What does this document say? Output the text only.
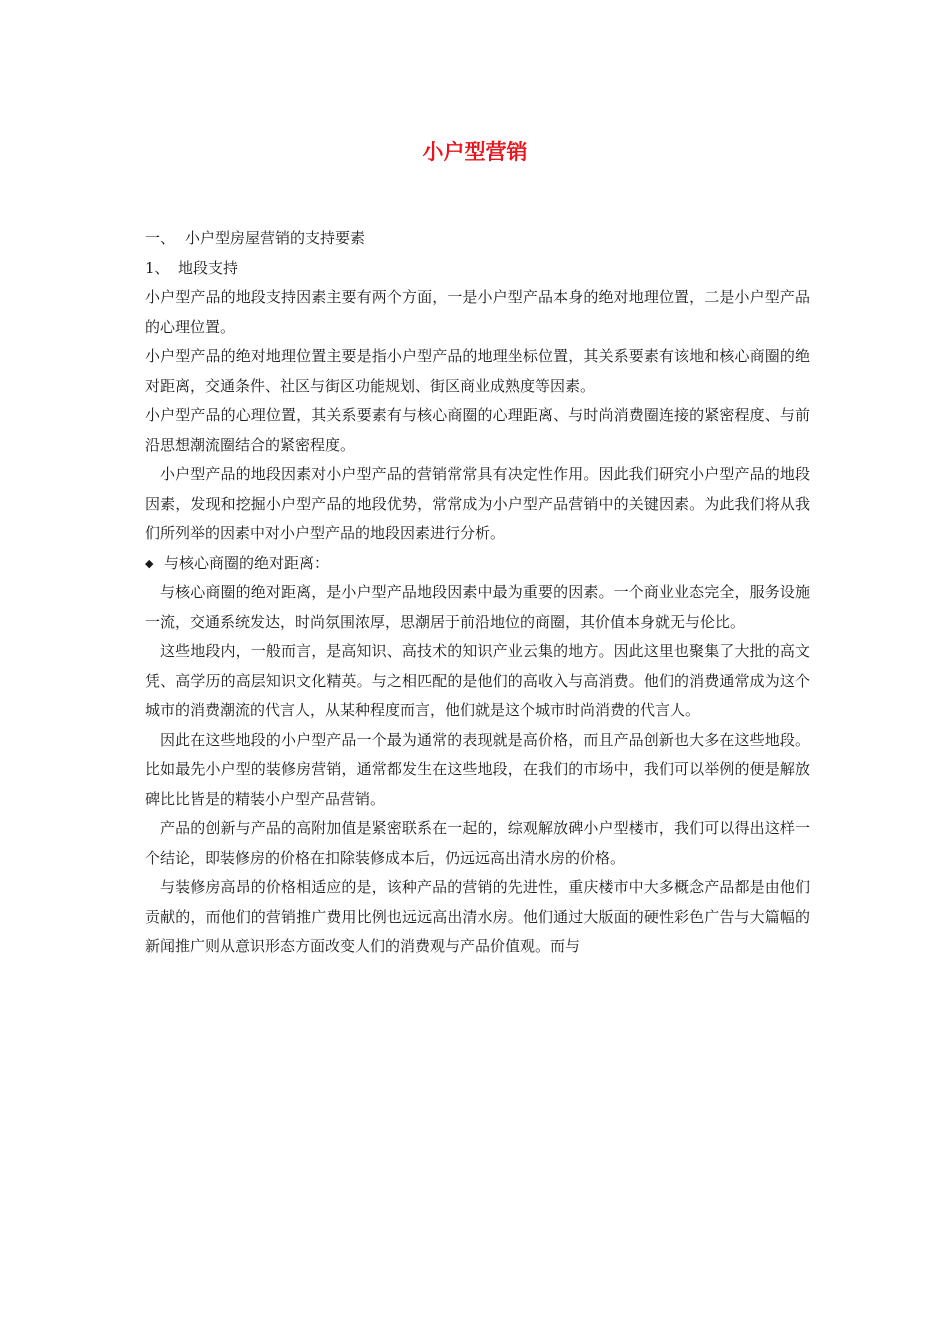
小户型营销

一、 小户型房屋营销的支持要素

1、 地段支持

小户型产品的地段支持因素主要有两个方面，一是小户型产品本身的绝对地理位置，二是小户型产品的心理位置。

小户型产品的绝对地理位置主要是指小户型产品的地理坐标位置，其关系要素有该地和核心商圈的绝对距离，交通条件、社区与街区功能规划、街区商业成熟度等因素。

小户型产品的心理位置，其关系要素有与核心商圈的心理距离、与时尚消费圈连接的紧密程度、与前沿思想潮流圈结合的紧密程度。

小户型产品的地段因素对小户型产品的营销常常具有决定性作用。因此我们研究小户型产品的地段因素，发现和挖掘小户型产品的地段优势，常常成为小户型产品营销中的关键因素。为此我们将从我们所列举的因素中对小户型产品的地段因素进行分析。

◆ 与核心商圈的绝对距离：

与核心商圈的绝对距离，是小户型产品地段因素中最为重要的因素。一个商业业态完全，服务设施一流，交通系统发达，时尚氛围浓厚，思潮居于前沿地位的商圈，其价值本身就无与伦比。

这些地段内，一般而言，是高知识、高技术的知识产业云集的地方。因此这里也聚集了大批的高文凭、高学历的高层知识文化精英。与之相匹配的是他们的高收入与高消费。他们的消费通常成为这个城市的消费潮流的代言人，从某种程度而言，他们就是这个城市时尚消费的代言人。

因此在这些地段的小户型产品一个最为通常的表现就是高价格，而且产品创新也大多在这些地段。比如最先小户型的装修房营销，通常都发生在这些地段，在我们的市场中，我们可以举例的便是解放碑比比皆是的精装小户型产品营销。

产品的创新与产品的高附加值是紧密联系在一起的，综观解放碑小户型楼市，我们可以得出这样一个结论，即装修房的价格在扣除装修成本后，仍远远高出清水房的价格。

与装修房高昂的价格相适应的是，该种产品的营销的先进性，重庆楼市中大多概念产品都是由他们贡献的，而他们的营销推广费用比例也远远高出清水房。他们通过大版面的硬性彩色广告与大篇幅的新闻推广则从意识形态方面改变人们的消费观与产品价值观。而与
